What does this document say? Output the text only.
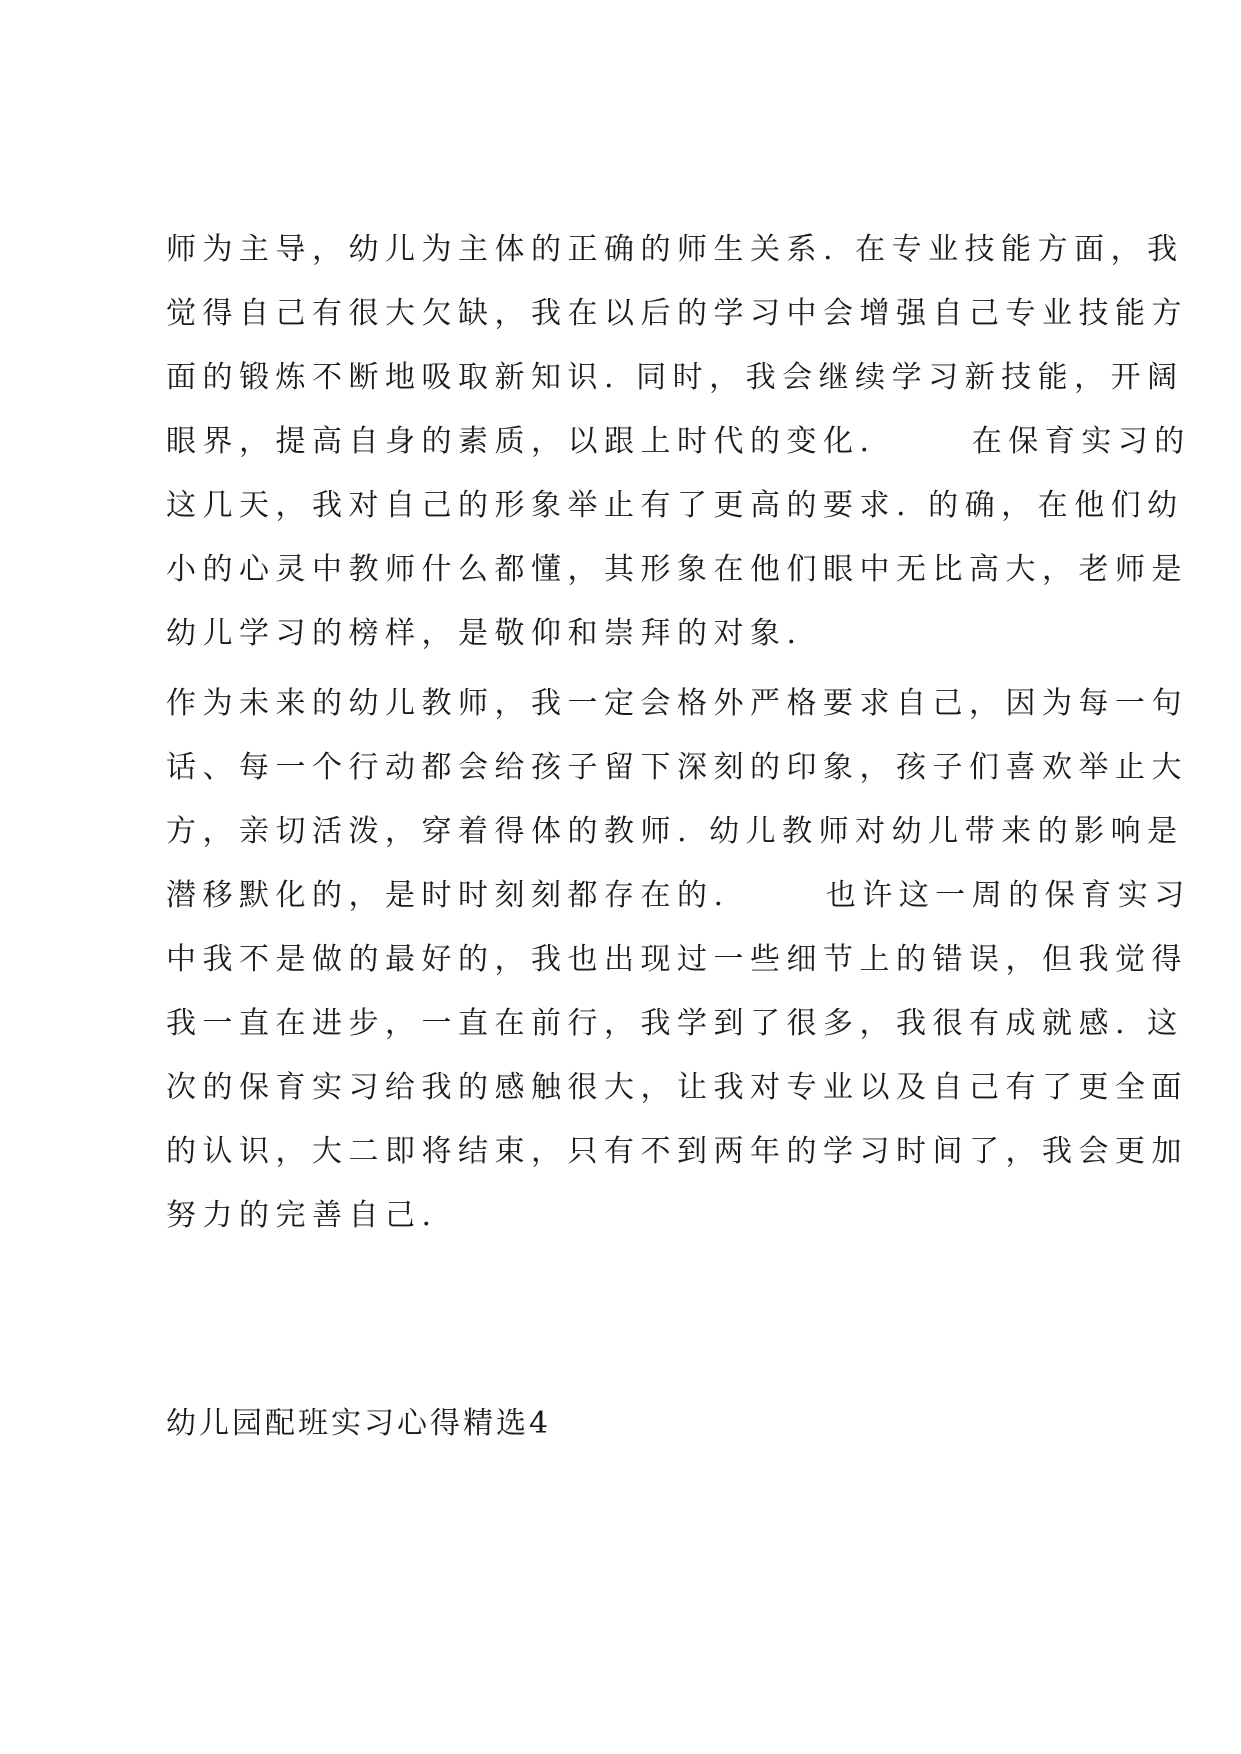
师为主导，幼儿为主体的正确的师生关系. 在专业技能方面，我
觉得自己有很大欠缺，我在以后的学习中会增强自己专业技能方
面的锻炼不断地吸取新知识. 同时，我会继续学习新技能，开阔
眼界，提高自身的素质，以跟上时代的变化.      在保育实习的
这几天，我对自己的形象举止有了更高的要求. 的确，在他们幼
小的心灵中教师什么都懂，其形象在他们眼中无比高大，老师是
幼儿学习的榜样，是敬仰和崇拜的对象.
作为未来的幼儿教师，我一定会格外严格要求自己，因为每一句
话、每一个行动都会给孩子留下深刻的印象，孩子们喜欢举止大
方，亲切活泼，穿着得体的教师. 幼儿教师对幼儿带来的影响是
潜移默化的，是时时刻刻都存在的.      也许这一周的保育实习
中我不是做的最好的，我也出现过一些细节上的错误，但我觉得
我一直在进步，一直在前行，我学到了很多，我很有成就感. 这
次的保育实习给我的感触很大，让我对专业以及自己有了更全面
的认识，大二即将结束，只有不到两年的学习时间了，我会更加
努力的完善自己.
幼儿园配班实习心得精选4
